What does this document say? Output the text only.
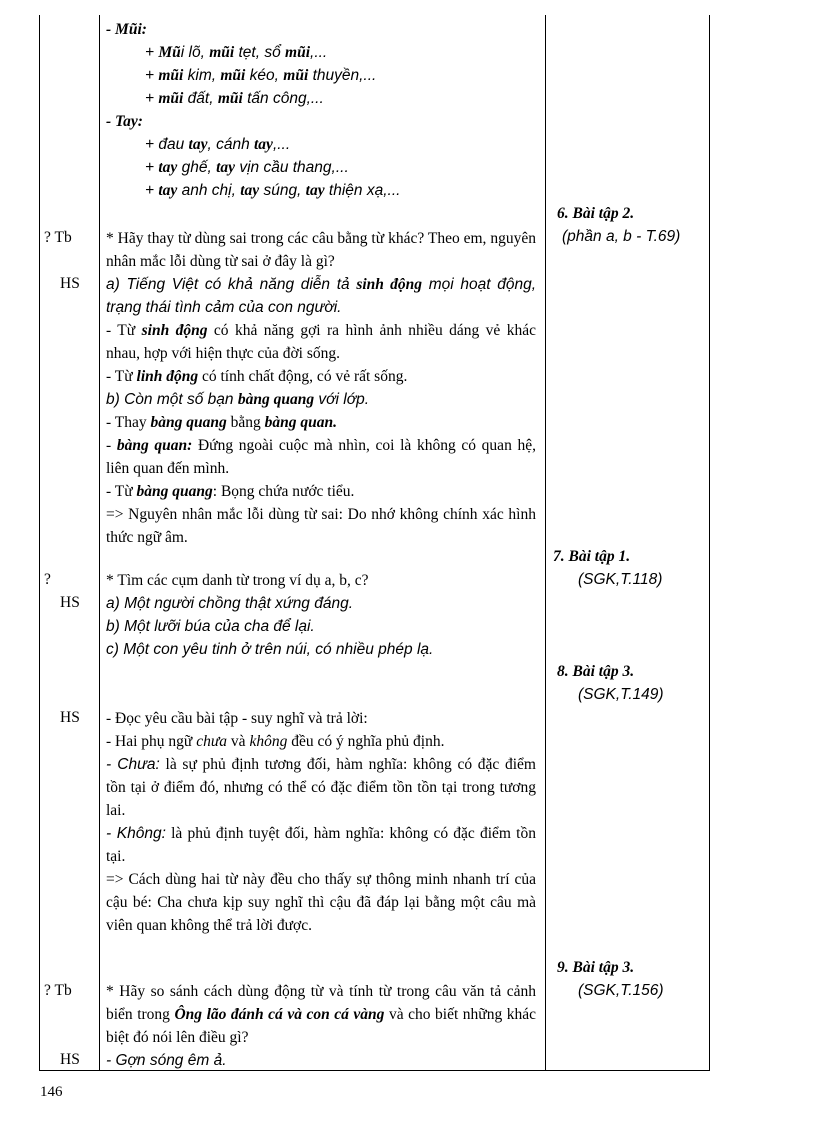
- Mũi:
+ Mũi lõ, mũi tẹt, sổ mũi,...
+ mũi kim, mũi kéo, mũi thuyền,...
+ mũi đất, mũi tấn công,...
- Tay:
+ đau tay, cánh tay,...
+ tay ghế, tay vịn cầu thang,...
+ tay anh chị, tay súng, tay thiện xạ,...
6. Bài tập 2.
(phần a, b - T.69)
? Tb
HS
* Hãy thay từ dùng sai trong các câu bằng từ khác? Theo em, nguyên nhân mắc lỗi dùng từ sai ở đây là gì?
a) Tiếng Việt có khả năng diễn tả sinh động mọi hoạt động, trạng thái tình cảm của con người.
- Từ sinh động có khả năng gợi ra hình ảnh nhiều dáng vẻ khác nhau, hợp với hiện thực của đời sống.
- Từ linh động có tính chất động, có vẻ rất sống.
b) Còn một số bạn bàng quang với lớp.
- Thay bàng quang bằng bàng quan.
- bàng quan: Đứng ngoài cuộc mà nhìn, coi là không có quan hệ, liên quan đến mình.
- Từ bàng quang: Bọng chứa nước tiểu.
=> Nguyên nhân mắc lỗi dùng từ sai: Do nhớ không chính xác hình thức ngữ âm.
7. Bài tập 1.
(SGK,T.118)
?
HS
* Tìm các cụm danh từ trong ví dụ a, b, c?
a) Một người chồng thật xứng đáng.
b) Một lưỡi búa của cha để lại.
c) Một con yêu tinh ở trên núi, có nhiều phép lạ.
8. Bài tập 3.
(SGK,T.149)
HS - Đọc yêu cầu bài tập - suy nghĩ và trả lời:
- Hai phụ ngữ chưa và không đều có ý nghĩa phủ định.
- Chưa: là sự phủ định tương đối, hàm nghĩa: không có đặc điểm tồn tại ở điểm đó, nhưng có thể có đặc điểm tồn tồn tại trong tương lai.
- Không: là phủ định tuyệt đối, hàm nghĩa: không có đặc điểm tồn tại.
=> Cách dùng hai từ này đều cho thấy sự thông minh nhanh trí của cậu bé: Cha chưa kịp suy nghĩ thì cậu đã đáp lại bằng một câu mà viên quan không thể trả lời được.
9. Bài tập 3.
(SGK,T.156)
? Tb
HS
* Hãy so sánh cách dùng động từ và tính từ trong câu văn tả cảnh biển trong Ông lão đánh cá và con cá vàng và cho biết những khác biệt đó nói lên điều gì?
- Gợn sóng êm ả.
146
